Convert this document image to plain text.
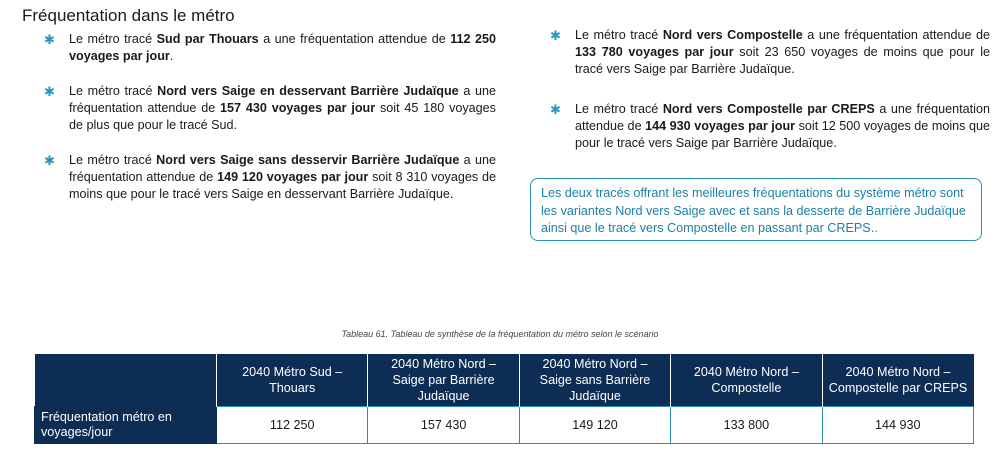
Fréquentation dans le métro
✱ Le métro tracé Sud par Thouars a une fréquentation attendue de 112 250 voyages par jour.
✱ Le métro tracé Nord vers Saige en desservant Barrière Judaïque a une fréquentation attendue de 157 430 voyages par jour soit 45 180 voyages de plus que pour le tracé Sud.
✱ Le métro tracé Nord vers Saige sans desservir Barrière Judaïque a une fréquentation attendue de 149 120 voyages par jour soit 8 310 voyages de moins que pour le tracé vers Saige en desservant Barrière Judaïque.
✱ Le métro tracé Nord vers Compostelle a une fréquentation attendue de 133 780 voyages par jour soit 23 650 voyages de moins que pour le tracé vers Saige par Barrière Judaïque.
✱ Le métro tracé Nord vers Compostelle par CREPS a une fréquentation attendue de 144 930 voyages par jour soit 12 500 voyages de moins que pour le tracé vers Saige par Barrière Judaïque.
Les deux tracés offrant les meilleures fréquentations du système métro sont les variantes Nord vers Saige avec et sans la desserte de Barrière Judaïque ainsi que le tracé vers Compostelle en passant par CREPS..
Tableau 61. Tableau de synthèse de la fréquentation du métro selon le scénario
	2040 Métro Sud – Thouars	2040 Métro Nord – Saige par Barrière Judaïque	2040 Métro Nord – Saige sans Barrière Judaïque	2040 Métro Nord – Compostelle	2040 Métro Nord – Compostelle par CREPS
Fréquentation métro en voyages/jour	112 250	157 430	149 120	133 800	144 930
